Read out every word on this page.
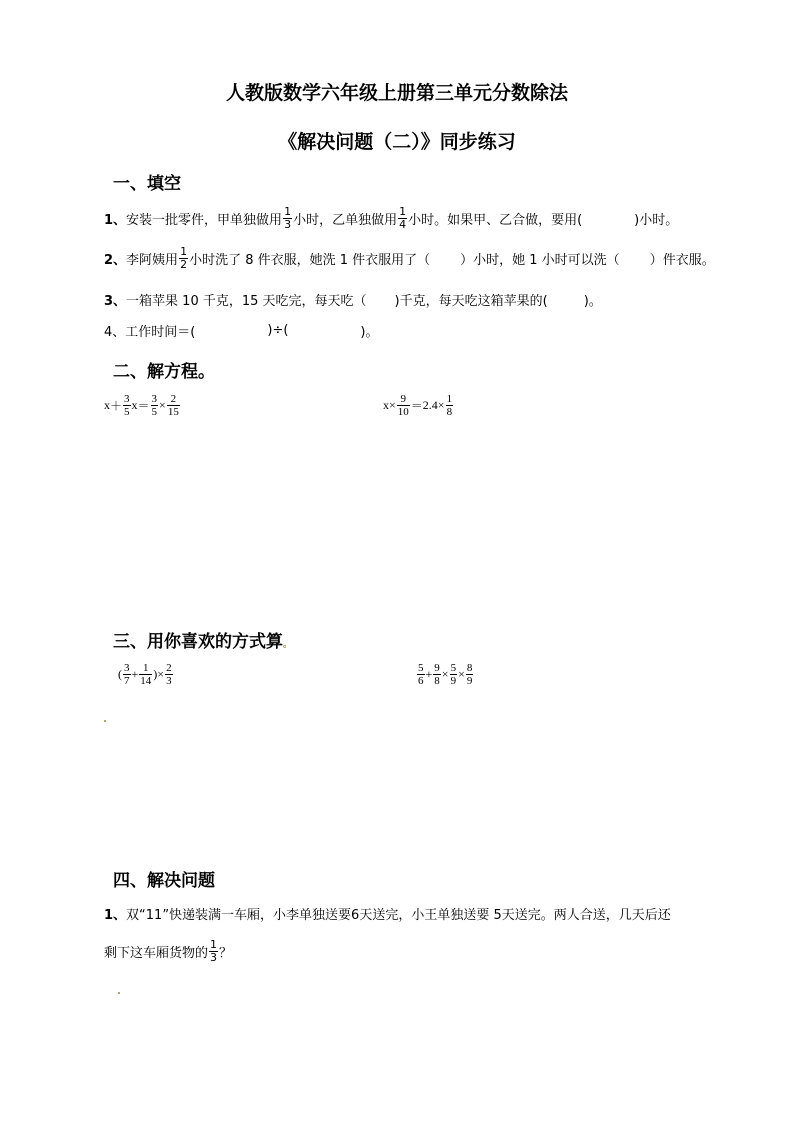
人教版数学六年级上册第三单元分数除法
《解决问题（二）》同步练习
一、填空
1、 安装一批零件，甲单独做用 $\frac{1}{3}$ 小时，乙单独做用 $\frac{1}{4}$ 小时。如果甲、乙合做，要用(	)小时。
2、 李阿姨用 $\frac{1}{2}$ 小时洗了 8 件衣服，她洗 1 件衣服用了（ ）小时，她 1 小时可以洗（ ）件衣服。
3、 一箱苹果 10 千克，15 天吃完，每天吃（ )千克，每天吃这箱苹果的(	)。
4、 工作时间＝(	)÷(	)。
二、解方程。
$x + \frac{3}{5}$ $x = \frac{3}{5} \times \frac{2}{15}$	$x \times \frac{9}{10} = 2.4 \times \frac{1}{8}$
三、用你喜欢的方式算。
( $\frac{3}{7} + \frac{1}{14}$ ) × $\frac{2}{3}$	$\frac{5}{6} + \frac{9}{8} \times \frac{5}{9} \times \frac{8}{9}$
四、解决问题
1、 双“11”快递装满一车厢，小李单独送要6天送完，小王单独送要 5天送完。两人合送，几天后还
剩下这车厢货物的 $\frac{1}{3}$ ？
